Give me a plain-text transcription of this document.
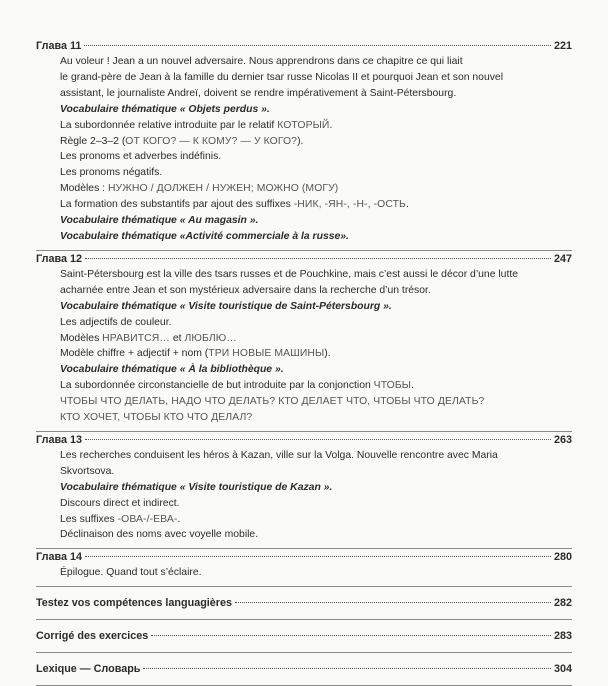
Глава 11	221
Au voleur ! Jean a un nouvel adversaire. Nous apprendrons dans ce chapitre ce qui liait
le grand-père de Jean à la famille du dernier tsar russe Nicolas II et pourquoi Jean et son nouvel
assistant, le journaliste Andreï, doivent se rendre impérativement à Saint-Pétersbourg.
Vocabulaire thématique « Objets perdus ».
La subordonnée relative introduite par le relatif КОТОРЫЙ.
Règle 2–3–2 (ОТ КОГО? — К КОМУ? — У КОГО?).
Les pronoms et adverbes indéfinis.
Les pronoms négatifs.
Modèles : НУЖНО / ДОЛЖЕН / НУЖЕН; МОЖНО (МОГУ)
La formation des substantifs par ajout des suffixes -НИК, -ЯН-, -Н-, -ОСТЬ.
Vocabulaire thématique « Au magasin ».
Vocabulaire thématique «Activité commerciale à la russe».
Глава 12	247
Saint-Pétersbourg est la ville des tsars russes et de Pouchkine, mais c’est aussi le décor d’une lutte
acharnée entre Jean et son mystérieux adversaire dans la recherche d’un trésor.
Vocabulaire thématique « Visite touristique de Saint-Pétersbourg ».
Les adjectifs de couleur.
Modèles НРАВИТСЯ… et ЛЮБЛЮ…
Modèle chiffre + adjectif + nom (ТРИ НОВЫЕ МАШИНЫ).
Vocabulaire thématique « À la bibliothèque ».
La subordonnée circonstancielle de but introduite par la conjonction ЧТОБЫ.
ЧТОБЫ ЧТО ДЕЛАТЬ, НАДО ЧТО ДЕЛАТЬ? КТО ДЕЛАЕТ ЧТО, ЧТОБЫ ЧТО ДЕЛАТЬ?
КТО ХОЧЕТ, ЧТОБЫ КТО ЧТО ДЕЛАЛ?
Глава 13	263
Les recherches conduisent les héros à Kazan, ville sur la Volga. Nouvelle rencontre avec Maria
Skvortsova.
Vocabulaire thématique « Visite touristique de Kazan ».
Discours direct et indirect.
Les suffixes -ОВА-/-ЕВА-.
Déclinaison des noms avec voyelle mobile.
Глава 14	280
Épilogue. Quand tout s’éclaire.
Testez vos compétences languagières	282
Corrigé des exercices	283
Lexique — Словарь	304
